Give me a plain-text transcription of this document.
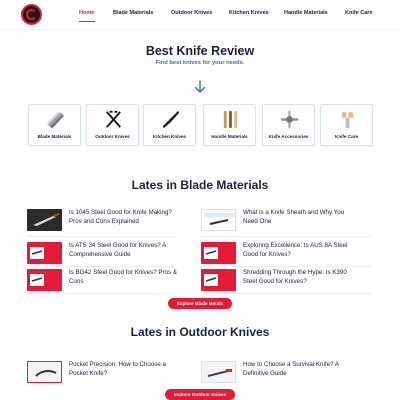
Home	Blade Materials	Outdoor Knives	Kitchen Knives	Handle Materials	Knife Care
Best Knife Review
Find best knives for your needs.
Blade Materials	Outdoor Knives	Kitchen Knives	Handle Materials	Knife Accessories	Knife Care
Lates in Blade Materials
Is 1045 Steel Good for Knife Making? Pros and Cons Explained
What is a Knife Sheath and Why You Need One
Is ATS 34 Steel Good for Knives? A Comprehensive Guide
Exploring Excellence: Is AUS 8A Steel Good for Knives?
Is BG42 Steel Good for Knives? Pros & Cons
Shredding Through the Hype: Is K390 Steel Good for Knives?
Explore Blade Metals
Lates in Outdoor Knives
Pocket Precision: How to Choose a Pocket Knife?
How to Choose a Survival Knife? A Definitive Guide
Explore Outdoor Knives
